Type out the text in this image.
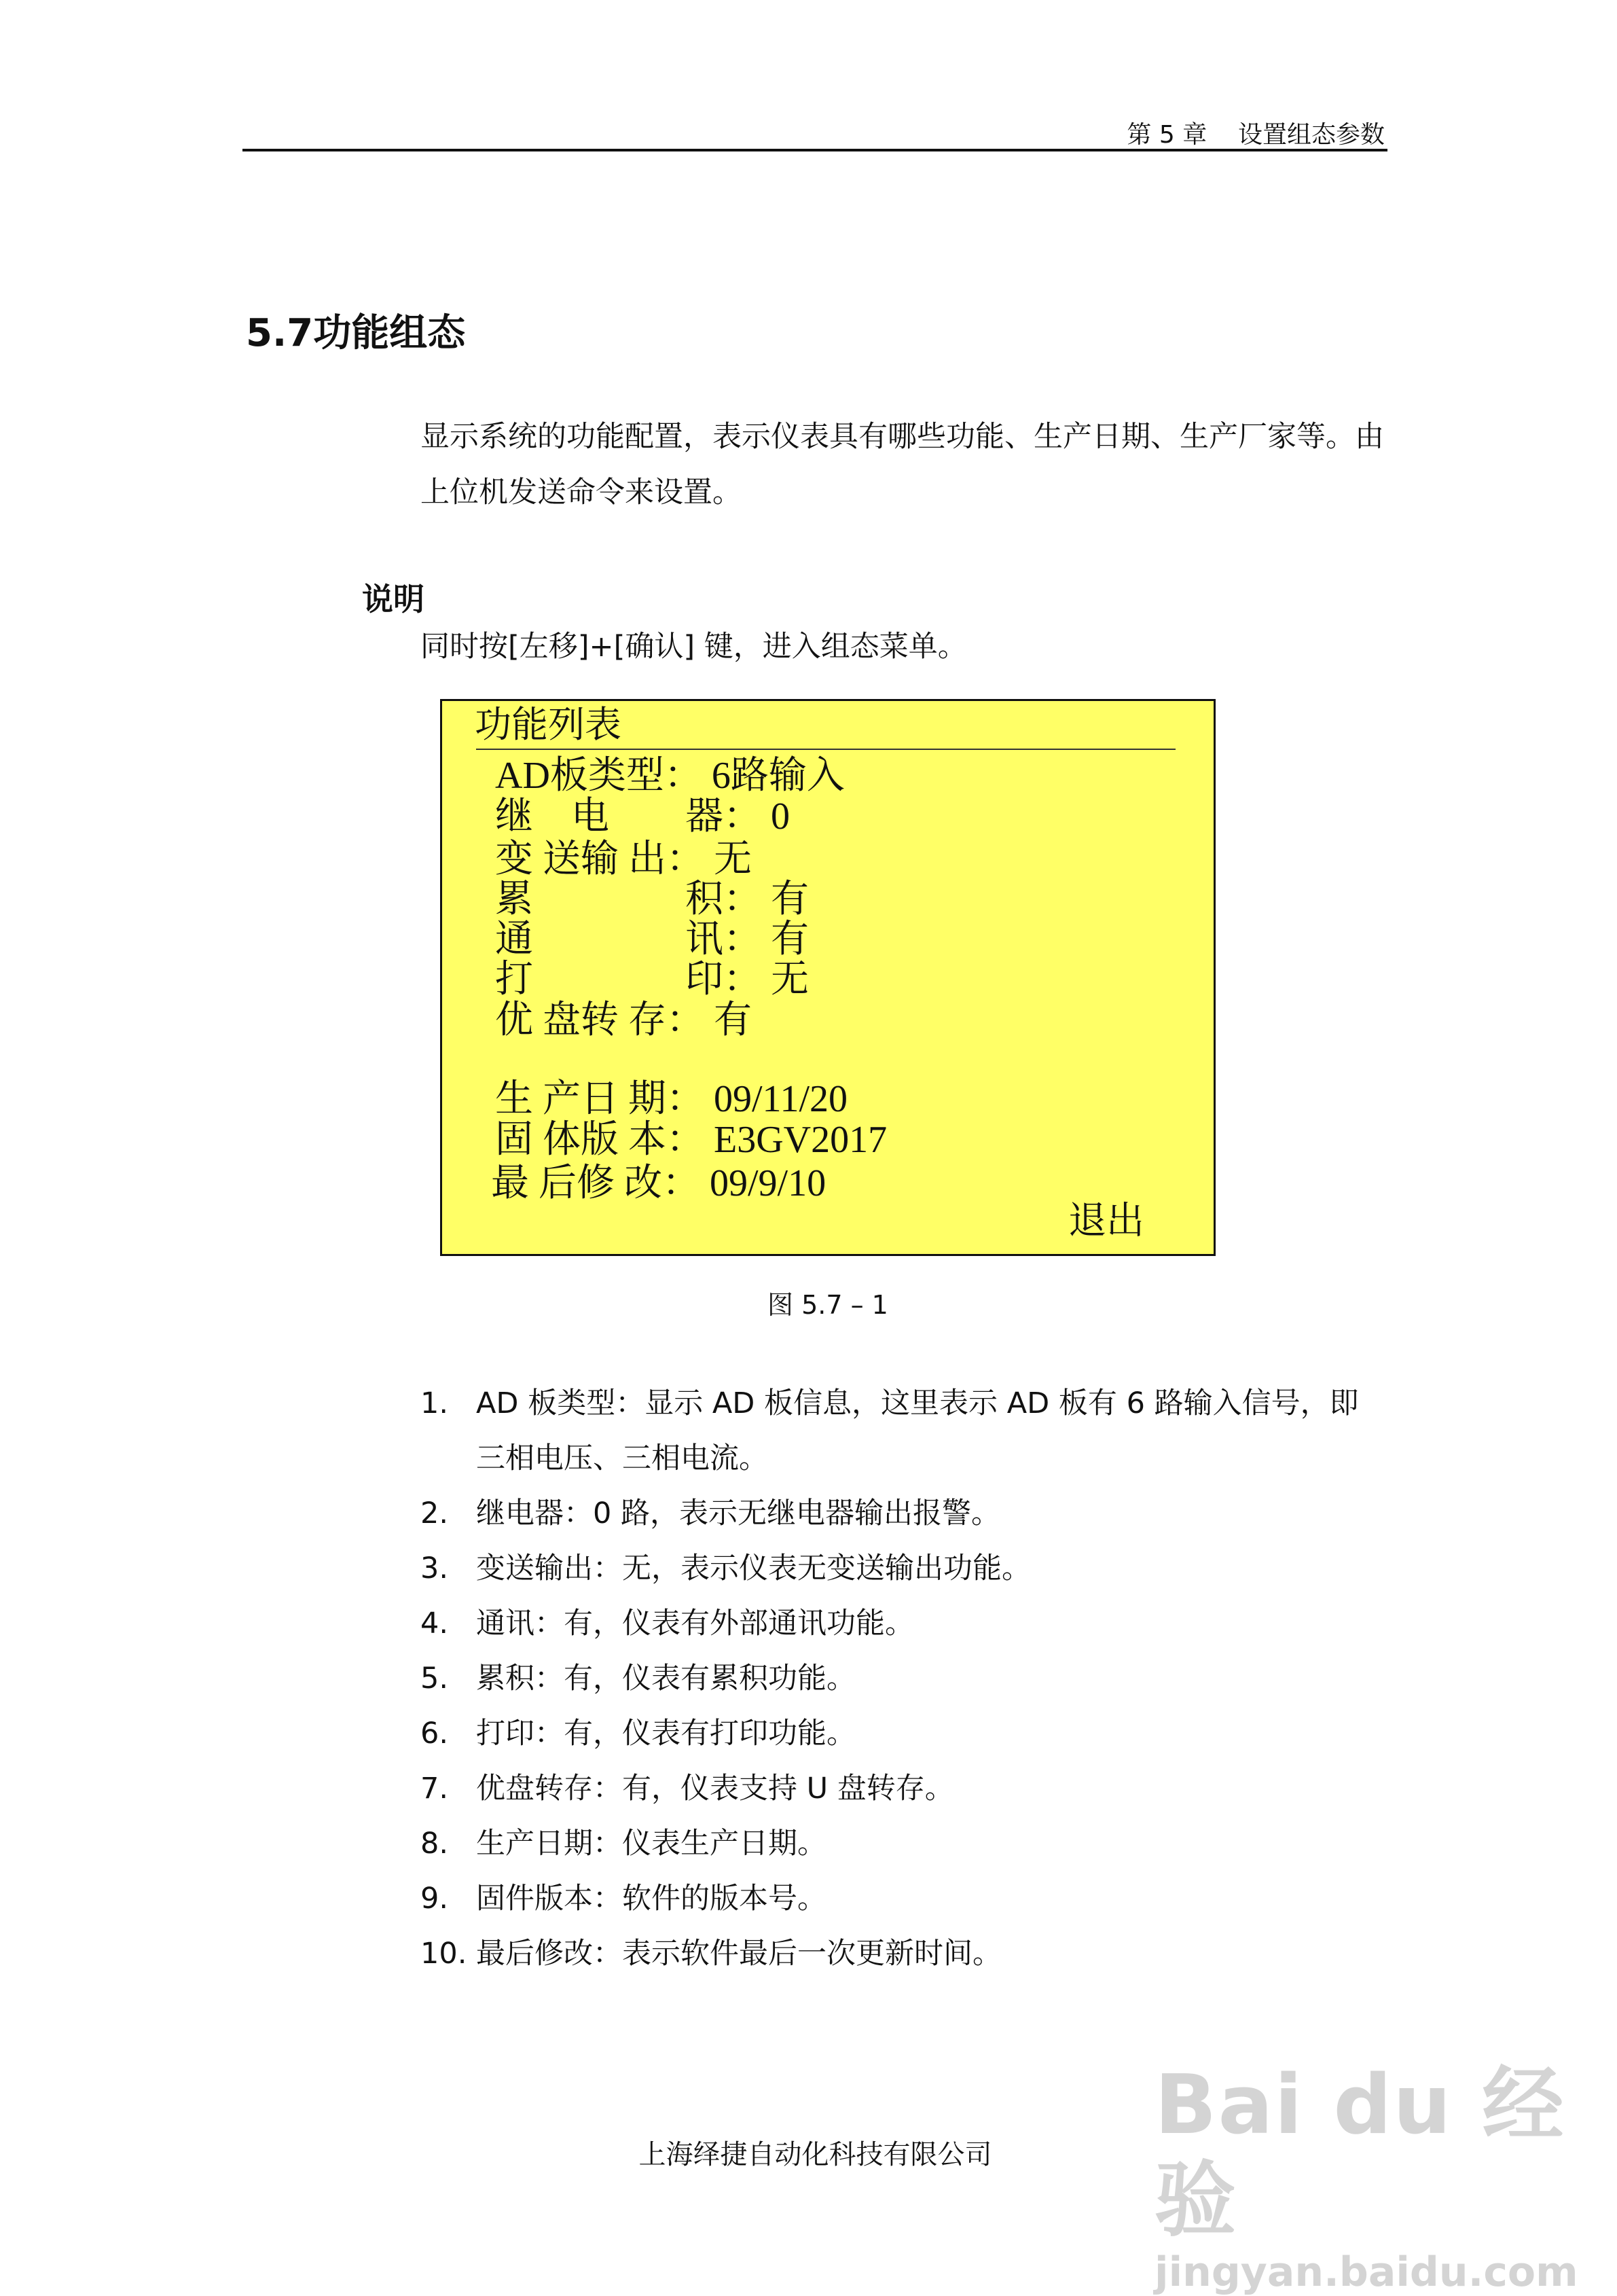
第 5 章 设置组态参数
5.7功能组态
显示系统的功能配置，表示仪表具有哪些功能、生产日期、生产厂家等。由上位机发送命令来设置。
说明
同时按[左移]+[确认] 键，进入组态菜单。
功能列表
AD板类型： 6路输入
继　电　　器： 0
变 送输 出： 无
累　　　　积： 有
通　　　　讯： 有
打　　　　印： 无
优 盘转 存： 有
生 产日 期： 09/11/20
固 体版 本： E3GV2017
最 后修 改： 09/9/10
退出
图 5.7 – 1
1. AD 板类型：显示 AD 板信息，这里表示 AD 板有 6 路输入信号，即三相电压、三相电流。
2. 继电器：0 路，表示无继电器输出报警。
3. 变送输出：无，表示仪表无变送输出功能。
4. 通讯：有，仪表有外部通讯功能。
5. 累积：有，仪表有累积功能。
6. 打印：有，仪表有打印功能。
7. 优盘转存：有，仪表支持 U 盘转存。
8. 生产日期：仪表生产日期。
9. 固件版本：软件的版本号。
10. 最后修改：表示软件最后一次更新时间。
上海绎捷自动化科技有限公司
Bai du 经验
jingyan.baidu.com
